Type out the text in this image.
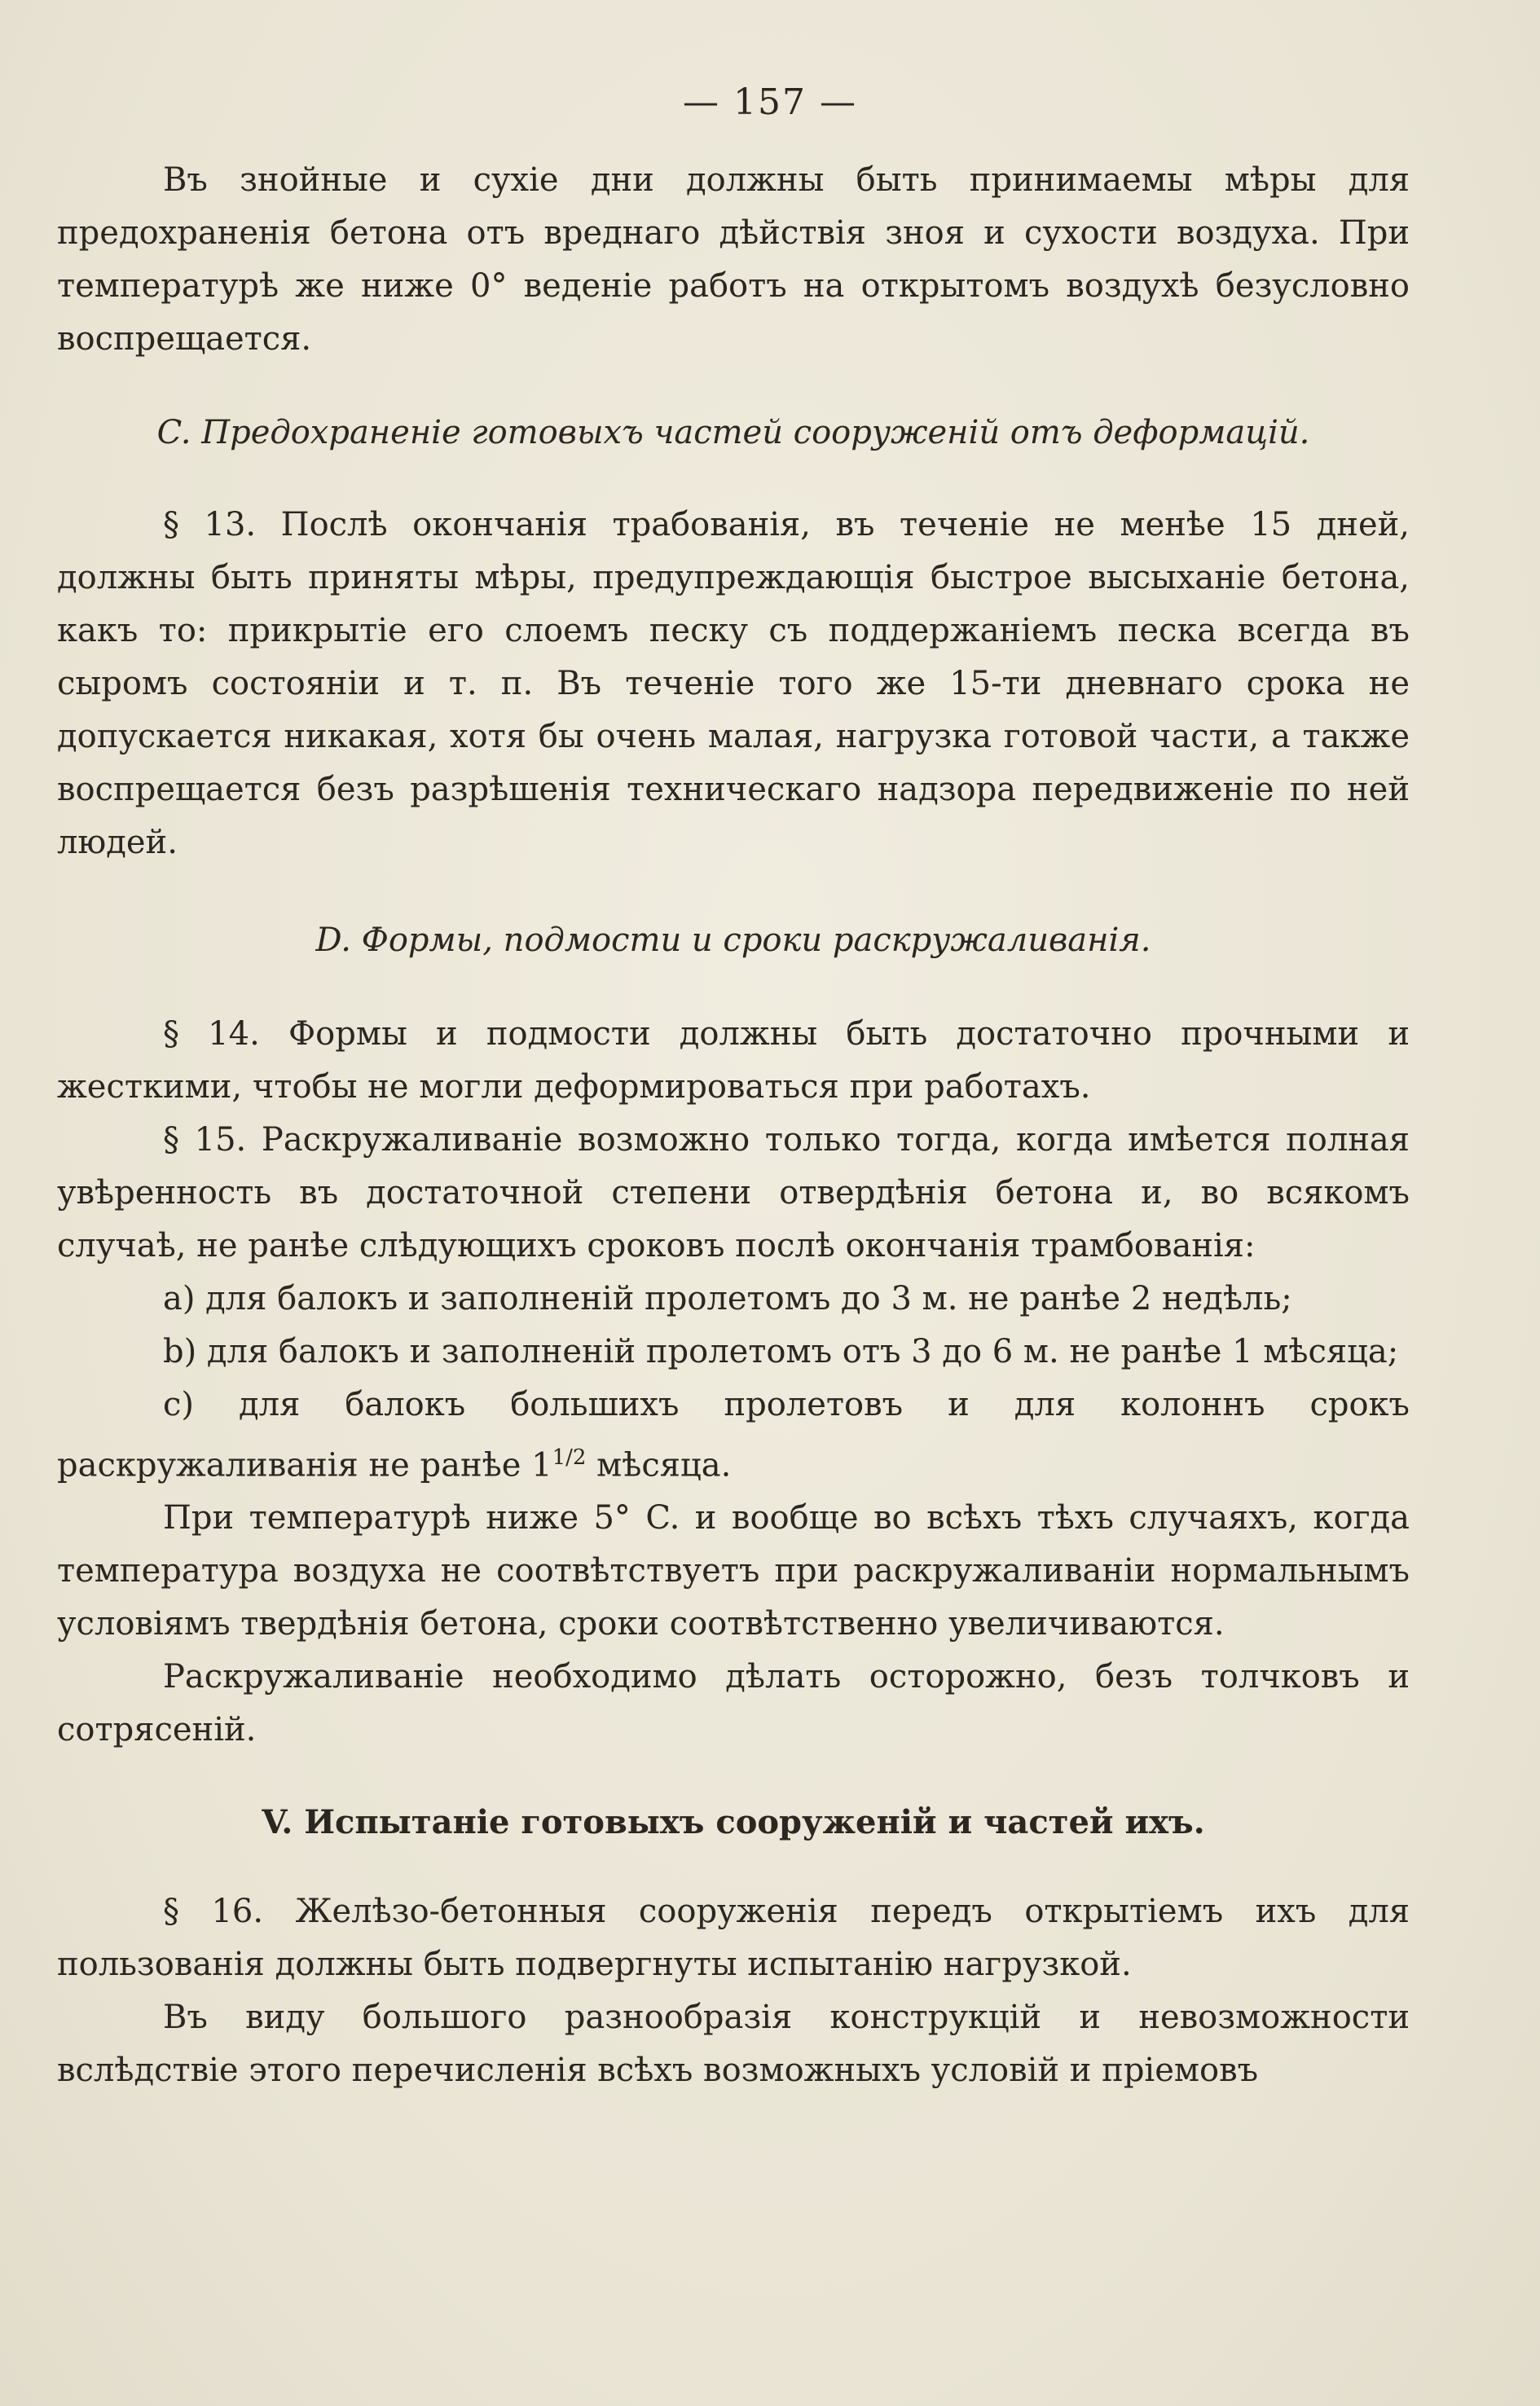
— 157 —

Въ знойные и сухіе дни должны быть принимаемы мѣры для предохраненія бетона отъ вреднаго дѣйствія зноя и сухости воздуха. При температурѣ же ниже 0° веденіе работъ на открытомъ воздухѣ безусловно воспрещается.

C. Предохраненіе готовыхъ частей сооруженій отъ деформацій.

§ 13. Послѣ окончанія трабованія, въ теченіе не менѣе 15 дней, должны быть приняты мѣры, предупреждающія быстрое высыханіе бетона, какъ то: прикрытіе его слоемъ песку съ поддержаніемъ песка всегда въ сыромъ состояніи и т. п. Въ теченіе того же 15-ти дневнаго срока не допускается никакая, хотя бы очень малая, нагрузка готовой части, а также воспрещается безъ разрѣшенія техническаго надзора передвиженіе по ней людей.

D. Формы, подмости и сроки раскружаливанія.

§ 14. Формы и подмости должны быть достаточно прочными и жесткими, чтобы не могли деформироваться при работахъ.

§ 15. Раскружаливаніе возможно только тогда, когда имѣется полная увѣренность въ достаточной степени отвердѣнія бетона и, во всякомъ случаѣ, не ранѣе слѣдующихъ сроковъ послѣ окончанія трамбованія:

a) для балокъ и заполненій пролетомъ до 3 м. не ранѣе 2 недѣль;

b) для балокъ и заполненій пролетомъ отъ 3 до 6 м. не ранѣе 1 мѣсяца;

c) для балокъ большихъ пролетовъ и для колоннъ срокъ раскружаливанія не ранѣе $1^{1/2}$ мѣсяца.

При температурѣ ниже 5° C. и вообще во всѣхъ тѣхъ случаяхъ, когда температура воздуха не соотвѣтствуетъ при раскружаливаніи нормальнымъ условіямъ твердѣнія бетона, сроки соотвѣтственно увеличиваются.

Раскружаливаніе необходимо дѣлать осторожно, безъ толчковъ и сотрясеній.

V. Испытаніе готовыхъ сооруженій и частей ихъ.

§ 16. Желѣзо-бетонныя сооруженія передъ открытіемъ ихъ для пользованія должны быть подвергнуты испытанію нагрузкой.

Въ виду большого разнообразія конструкцій и невозможности вслѣдствіе этого перечисленія всѣхъ возможныхъ условій и пріемовъ
